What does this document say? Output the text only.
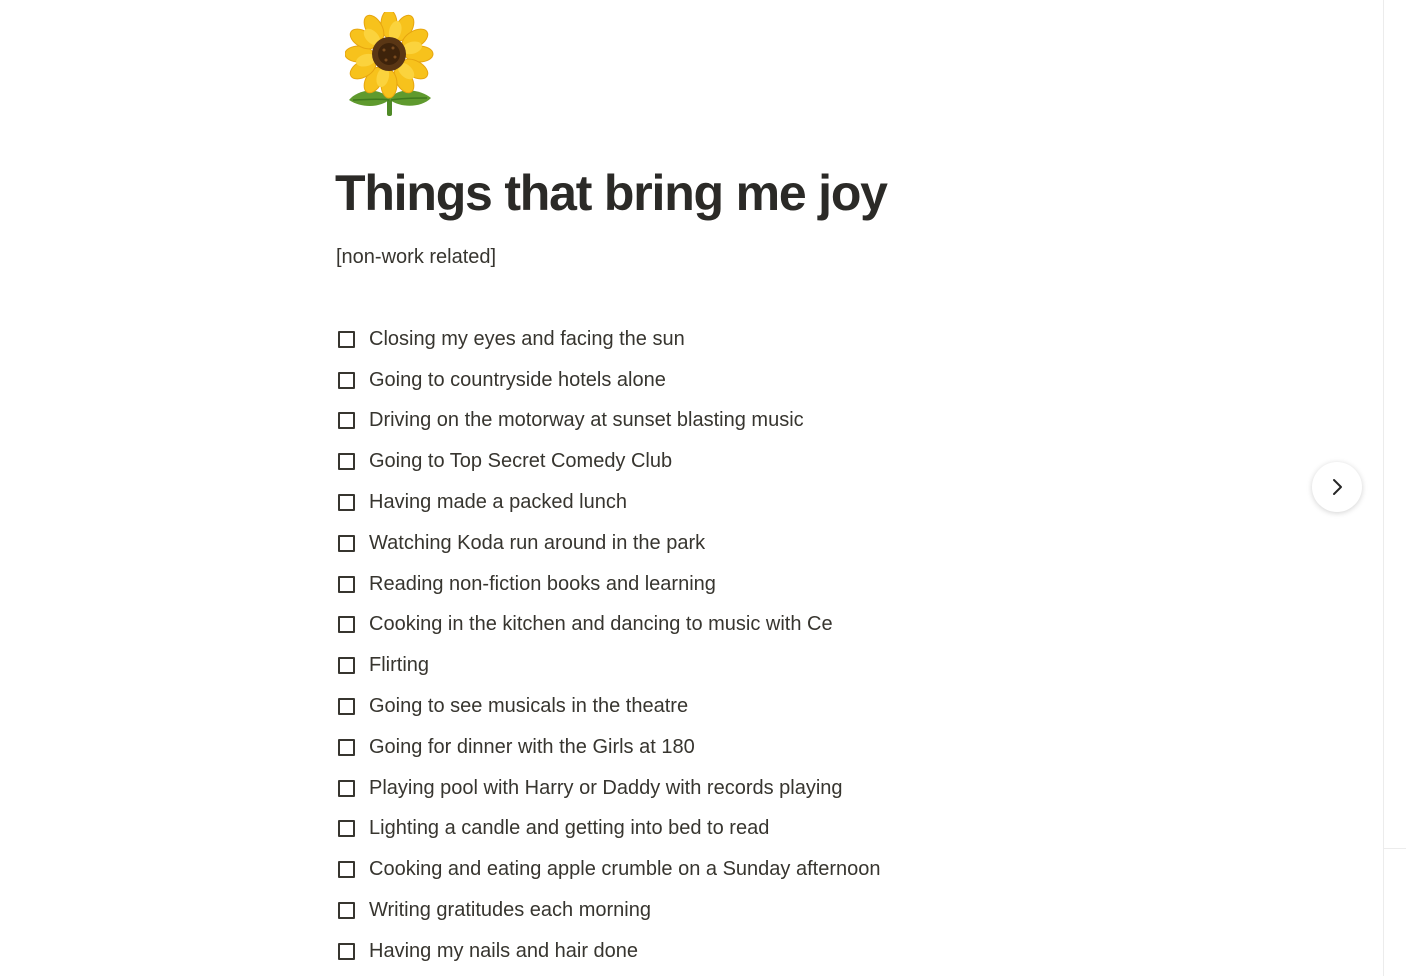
Things that bring me joy
[non-work related]
Closing my eyes and facing the sun
Going to countryside hotels alone
Driving on the motorway at sunset blasting music
Going to Top Secret Comedy Club
Having made a packed lunch
Watching Koda run around in the park
Reading non-fiction books and learning
Cooking in the kitchen and dancing to music with Ce
Flirting
Going to see musicals in the theatre
Going for dinner with the Girls at 180
Playing pool with Harry or Daddy with records playing
Lighting a candle and getting into bed to read
Cooking and eating apple crumble on a Sunday afternoon
Writing gratitudes each morning
Having my nails and hair done
